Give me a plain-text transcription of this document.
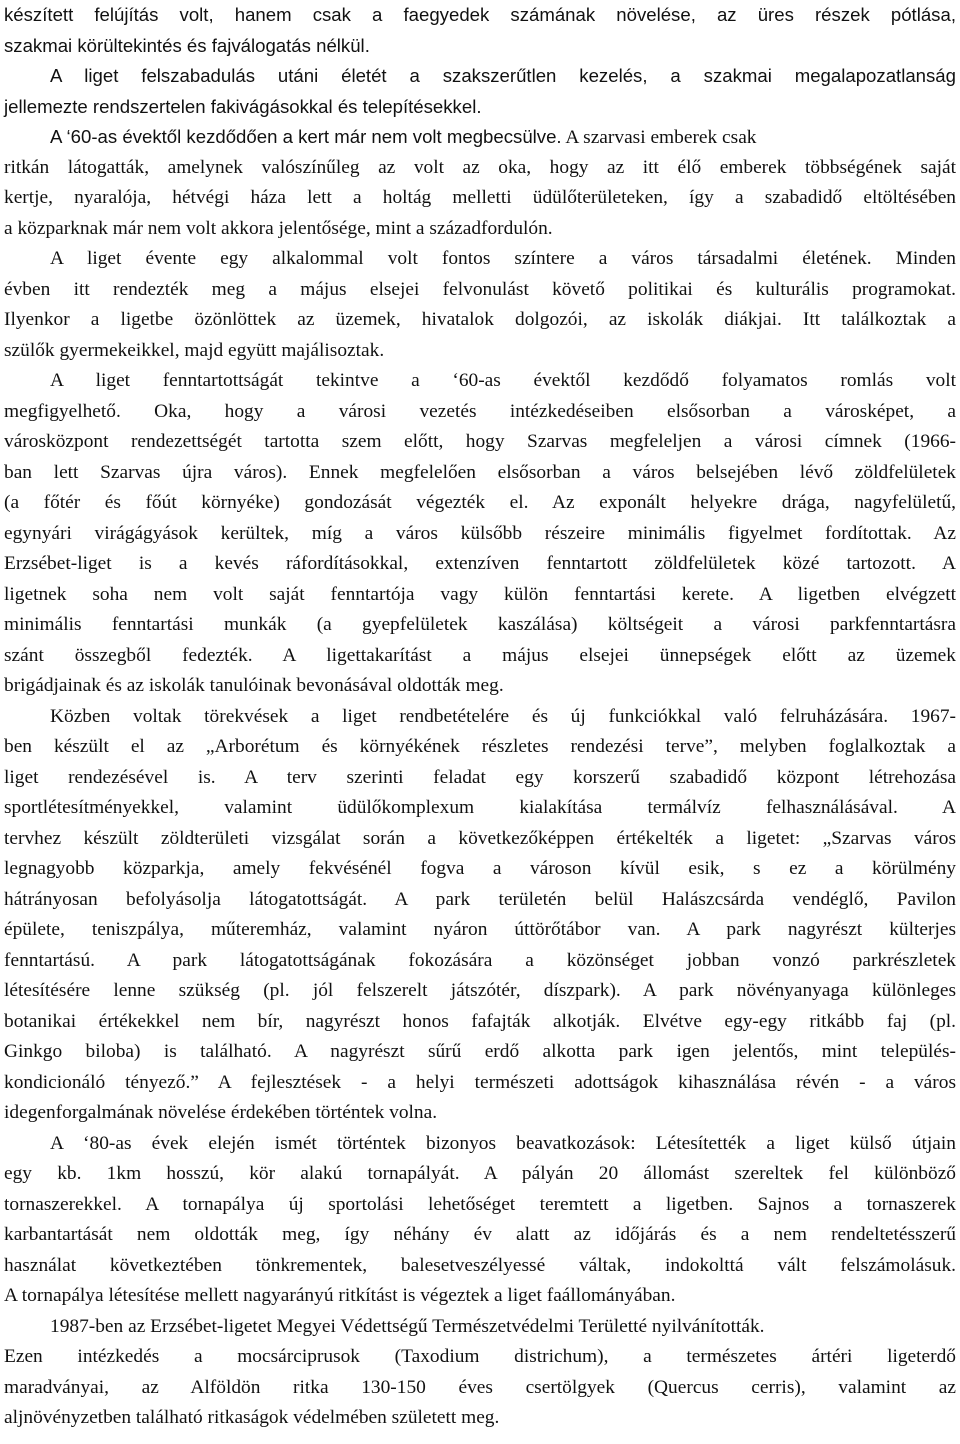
készített felújítás volt, hanem csak a faegyedek számának növelése, az üres részek pótlása,
szakmai körültekintés és fajválogatás nélkül.
A liget felszabadulás utáni életét a szakszerűtlen kezelés, a szakmai megalapozatlanság
jellemezte rendszertelen fakivágásokkal és telepítésekkel.
A ‘60-as évektől kezdődően a kert már nem volt megbecsülve. A szarvasi emberek csak
ritkán látogatták, amelynek valószínűleg az volt az oka, hogy az itt élő emberek többségének saját
kertje, nyaralója, hétvégi háza lett a holtág melletti üdülőterületeken, így a szabadidő eltöltésében
a közparknak már nem volt akkora jelentősége, mint a századfordulón.
A liget évente egy alkalommal volt fontos színtere a város társadalmi életének. Minden
évben itt rendezték meg a május elsejei felvonulást követő politikai és kulturális programokat.
Ilyenkor a ligetbe özönlöttek az üzemek, hivatalok dolgozói, az iskolák diákjai. Itt találkoztak a
szülők gyermekeikkel, majd együtt majálisoztak.
A liget fenntartottságát tekintve a ‘60-as évektől kezdődő folyamatos romlás volt
megfigyelhető. Oka, hogy a városi vezetés intézkedéseiben elsősorban a városképet, a
városközpont rendezettségét tartotta szem előtt, hogy Szarvas megfeleljen a városi címnek (1966-
ban lett Szarvas újra város). Ennek megfelelően elsősorban a város belsejében lévő zöldfelületek
(a főtér és főút környéke) gondozását végezték el. Az exponált helyekre drága, nagyfelületű,
egynyári virágágyások kerültek, míg a város külsőbb részeire minimális figyelmet fordítottak. Az
Erzsébet-liget is a kevés ráfordításokkal, extenzíven fenntartott zöldfelületek közé tartozott. A
ligetnek soha nem volt saját fenntartója vagy külön fenntartási kerete. A ligetben elvégzett
minimális fenntartási munkák (a gyepfelületek kaszálása) költségeit a városi parkfenntartásra
szánt összegből fedezték. A ligettakarítást a május elsejei ünnepségek előtt az üzemek
brigádjainak és az iskolák tanulóinak bevonásával oldották meg.
Közben voltak törekvések a liget rendbetételére és új funkciókkal való felruházására. 1967-
ben készült el az „Arborétum és környékének részletes rendezési terve”, melyben foglalkoztak a
liget rendezésével is. A terv szerinti feladat egy korszerű szabadidő központ létrehozása
sportlétesítményekkel, valamint üdülőkomplexum kialakítása termálvíz felhasználásával. A
tervhez készült zöldterületi vizsgálat során a következőképpen értékelték a ligetet: „Szarvas város
legnagyobb közparkja, amely fekvésénél fogva a városon kívül esik, s ez a körülmény
hátrányosan befolyásolja látogatottságát. A park területén belül Halászcsárda vendéglő, Pavilon
épülete, teniszpálya, műteremház, valamint nyáron úttörőtábor van. A park nagyrészt külterjes
fenntartású. A park látogatottságának fokozására a közönséget jobban vonzó parkrészletek
létesítésére lenne szükség (pl. jól felszerelt játszótér, díszpark). A park növényanyaga különleges
botanikai értékekkel nem bír, nagyrészt honos fafajták alkotják. Elvétve egy-egy ritkább faj (pl.
Ginkgo biloba) is található. A nagyrészt sűrű erdő alkotta park igen jelentős, mint település-
kondicionáló tényező.” A fejlesztések - a helyi természeti adottságok kihasználása révén - a város
idegenforgalmának növelése érdekében történtek volna.
A ‘80-as évek elején ismét történtek bizonyos beavatkozások: Létesítették a liget külső útjain
egy kb. 1km hosszú, kör alakú tornapályát. A pályán 20 állomást szereltek fel különböző
tornaszerekkel. A tornapálya új sportolási lehetőséget teremtett a ligetben. Sajnos a tornaszerek
karbantartását nem oldották meg, így néhány év alatt az időjárás és a nem rendeltetésszerű
használat következtében tönkrementek, balesetveszélyessé váltak, indokolttá vált felszámolásuk.
A tornapálya létesítése mellett nagyarányú ritkítást is végeztek a liget faállományában.
1987-ben az Erzsébet-ligetet Megyei Védettségű Természetvédelmi Területté nyilvánították.
Ezen intézkedés a mocsárciprusok (Taxodium districhum), a természetes ártéri ligeterdő
maradványai, az Alföldön ritka 130-150 éves csertölgyek (Quercus cerris), valamint az
aljnövényzetben található ritkaságok védelmében született meg.
